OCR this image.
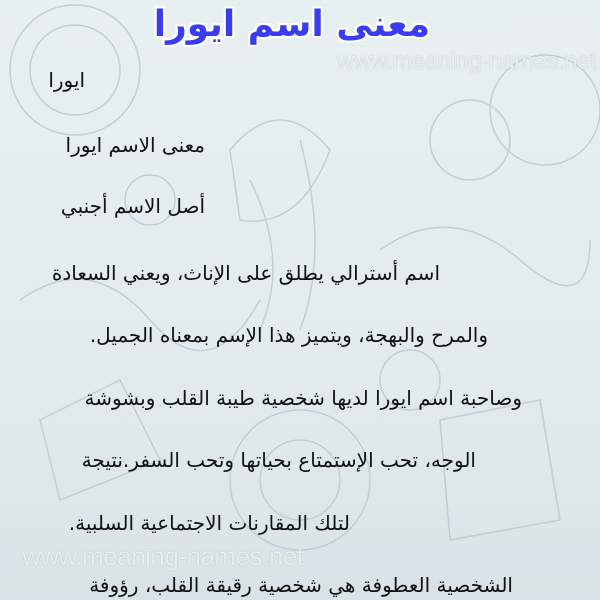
معنى اسم ايورا
www.meaning-names.net
ايورا
معنى الاسم ايورا
أصل الاسم أجنبي
اسم أسترالي يطلق على الإناث، ويعني السعادة
والمرح والبهجة، ويتميز هذا الإسم بمعناه الجميل.
وصاحبة اسم ايورا لديها شخصية طيبة القلب وبشوشة
الوجه، تحب الإستمتاع بحياتها وتحب السفر.نتيجة
لتلك المقارنات الاجتماعية السلبية.
www.meaning-names.net
الشخصية العطوفة هي شخصية رقيقة القلب، رؤوفة
